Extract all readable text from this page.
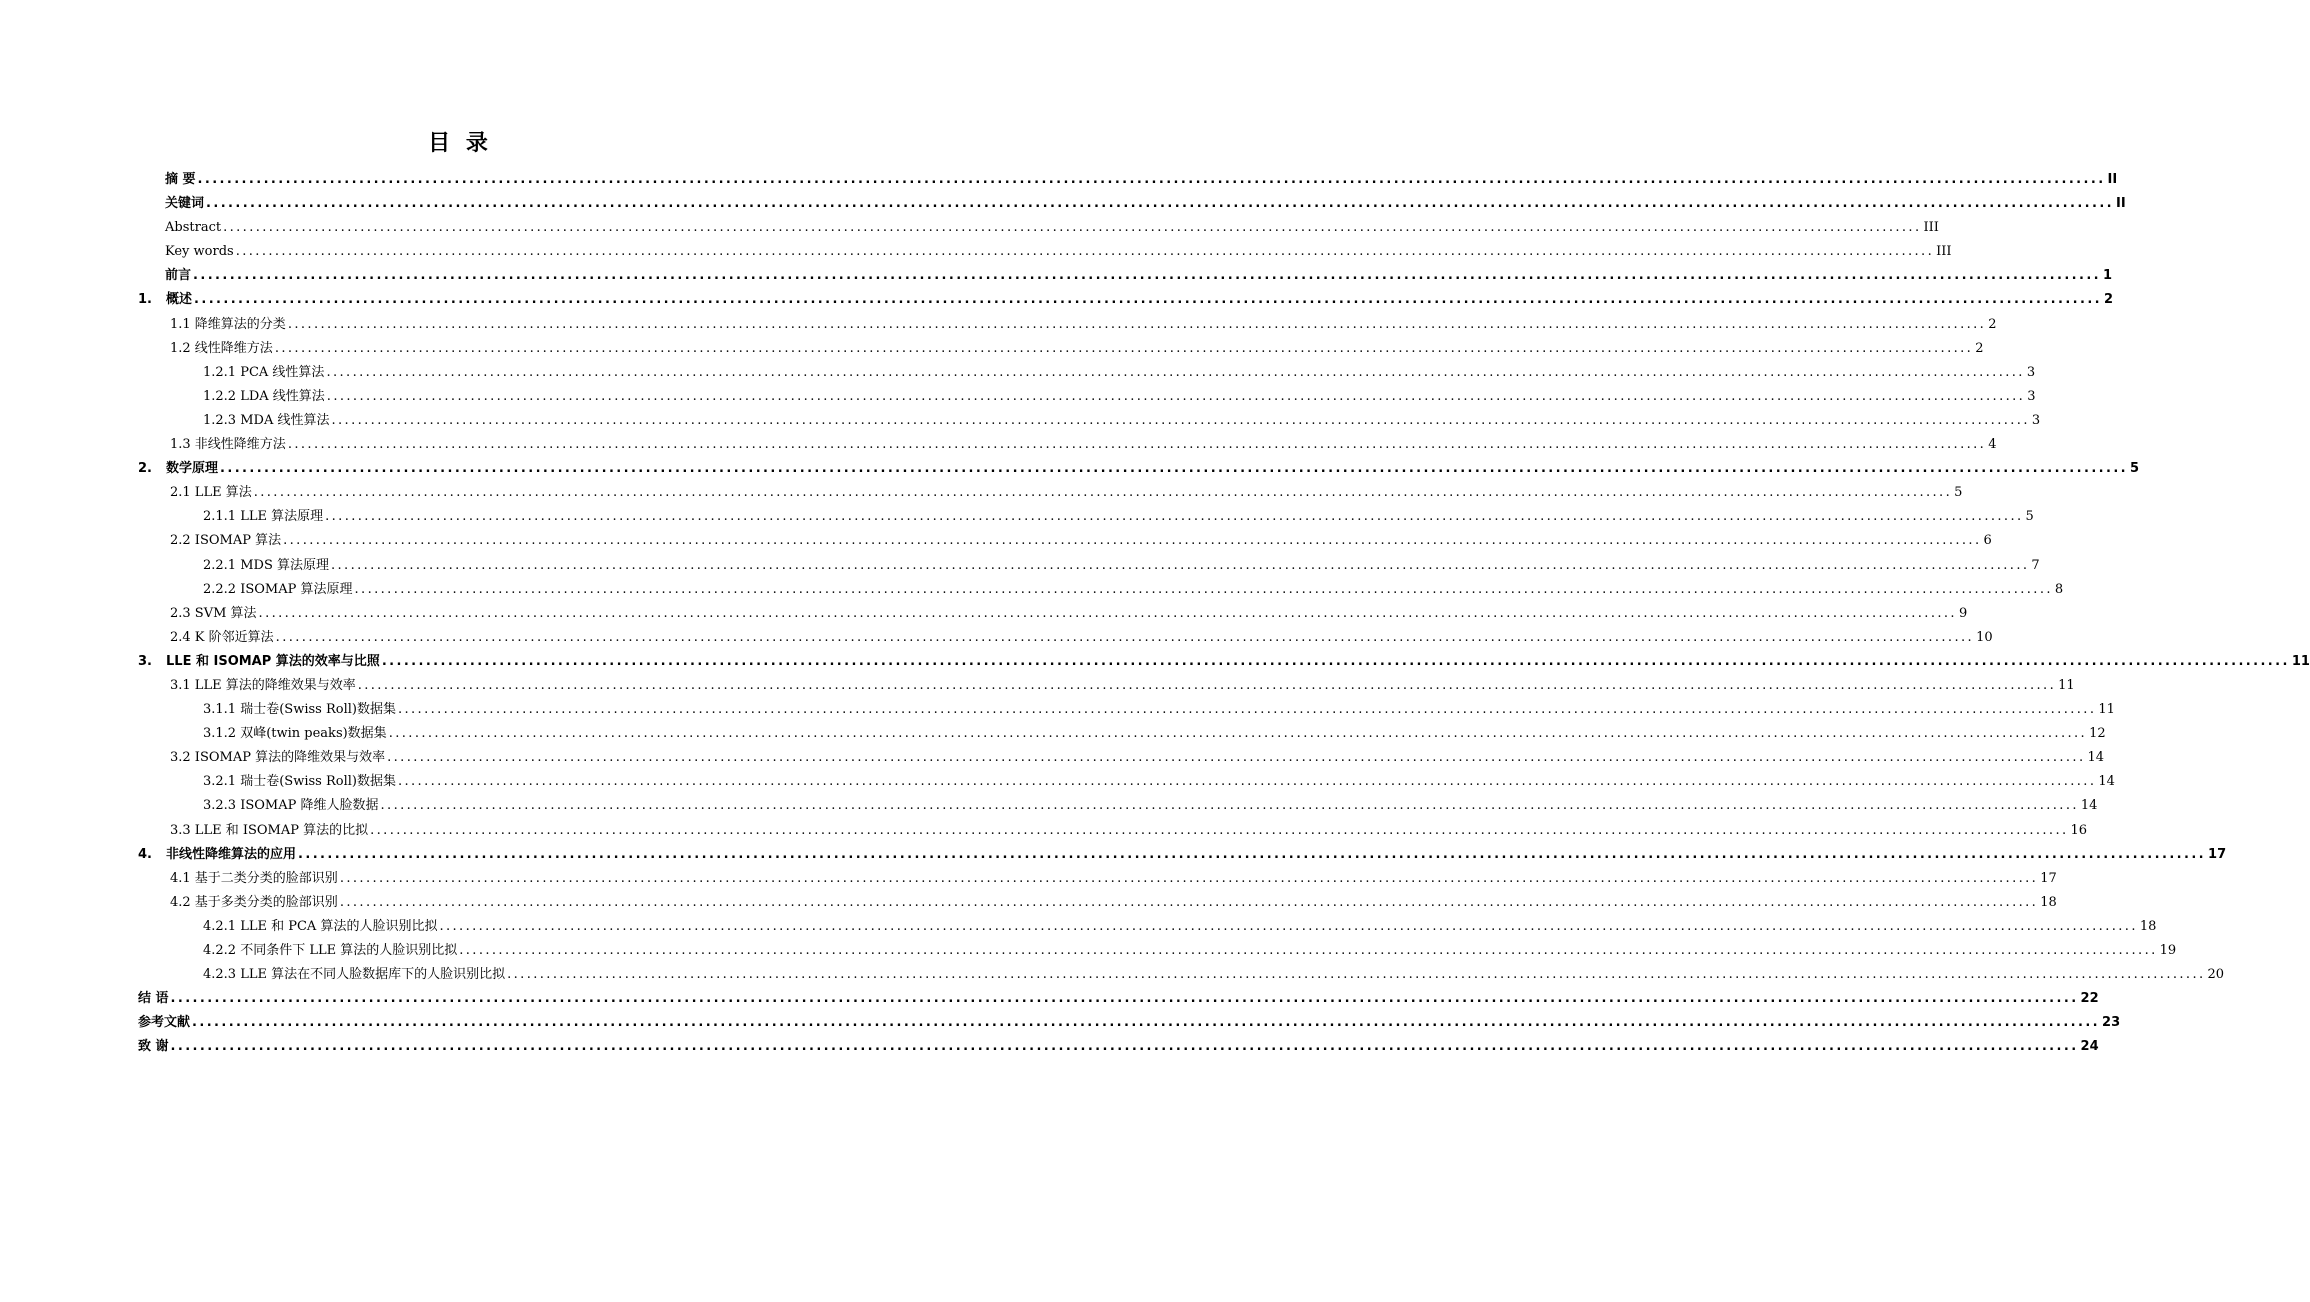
目 录
摘 要 .................................................................................................................................................................................................................................................................... II
关键词 .................................................................................................................................................................................................................................................................... II
Abstract .................................................................................................................................................................................................................................................................... III
Key words .................................................................................................................................................................................................................................................................... III
前言 .................................................................................................................................................................................................................................................................... 1
1. 概述 .................................................................................................................................................................................................................................................................... 2
1.1 降维算法的分类 .................................................................................................................................................................................................................................................................... 2
1.2 线性降维方法 .................................................................................................................................................................................................................................................................... 2
1.2.1 PCA 线性算法 .................................................................................................................................................................................................................................................................... 3
1.2.2 LDA 线性算法 .................................................................................................................................................................................................................................................................... 3
1.2.3 MDA 线性算法 .................................................................................................................................................................................................................................................................... 3
1.3 非线性降维方法 .................................................................................................................................................................................................................................................................... 4
2. 数学原理 .................................................................................................................................................................................................................................................................... 5
2.1 LLE 算法 .................................................................................................................................................................................................................................................................... 5
2.1.1 LLE 算法原理 .................................................................................................................................................................................................................................................................... 5
2.2 ISOMAP 算法 .................................................................................................................................................................................................................................................................... 6
2.2.1 MDS 算法原理 .................................................................................................................................................................................................................................................................... 7
2.2.2 ISOMAP 算法原理 .................................................................................................................................................................................................................................................................... 8
2.3 SVM 算法 .................................................................................................................................................................................................................................................................... 9
2.4 K 阶邻近算法 .................................................................................................................................................................................................................................................................... 10
3. LLE 和 ISOMAP 算法的效率与比照 .................................................................................................................................................................................................................................................................... 11
3.1 LLE 算法的降维效果与效率 .................................................................................................................................................................................................................................................................... 11
3.1.1 瑞士卷(Swiss Roll)数据集 .................................................................................................................................................................................................................................................................... 11
3.1.2 双峰(twin peaks)数据集 .................................................................................................................................................................................................................................................................... 12
3.2 ISOMAP 算法的降维效果与效率 .................................................................................................................................................................................................................................................................... 14
3.2.1 瑞士卷(Swiss Roll)数据集 .................................................................................................................................................................................................................................................................... 14
3.2.3 ISOMAP 降维人脸数据 .................................................................................................................................................................................................................................................................... 14
3.3 LLE 和 ISOMAP 算法的比拟 .................................................................................................................................................................................................................................................................... 16
4. 非线性降维算法的应用 .................................................................................................................................................................................................................................................................... 17
4.1 基于二类分类的脸部识别 .................................................................................................................................................................................................................................................................... 17
4.2 基于多类分类的脸部识别 .................................................................................................................................................................................................................................................................... 18
4.2.1 LLE 和 PCA 算法的人脸识别比拟 .................................................................................................................................................................................................................................................................... 18
4.2.2 不同条件下 LLE 算法的人脸识别比拟 .................................................................................................................................................................................................................................................................... 19
4.2.3 LLE 算法在不同人脸数据库下的人脸识别比拟 .................................................................................................................................................................................................................................................................... 20
结 语 .................................................................................................................................................................................................................................................................... 22
参考文献 .................................................................................................................................................................................................................................................................... 23
致 谢 .................................................................................................................................................................................................................................................................... 24
